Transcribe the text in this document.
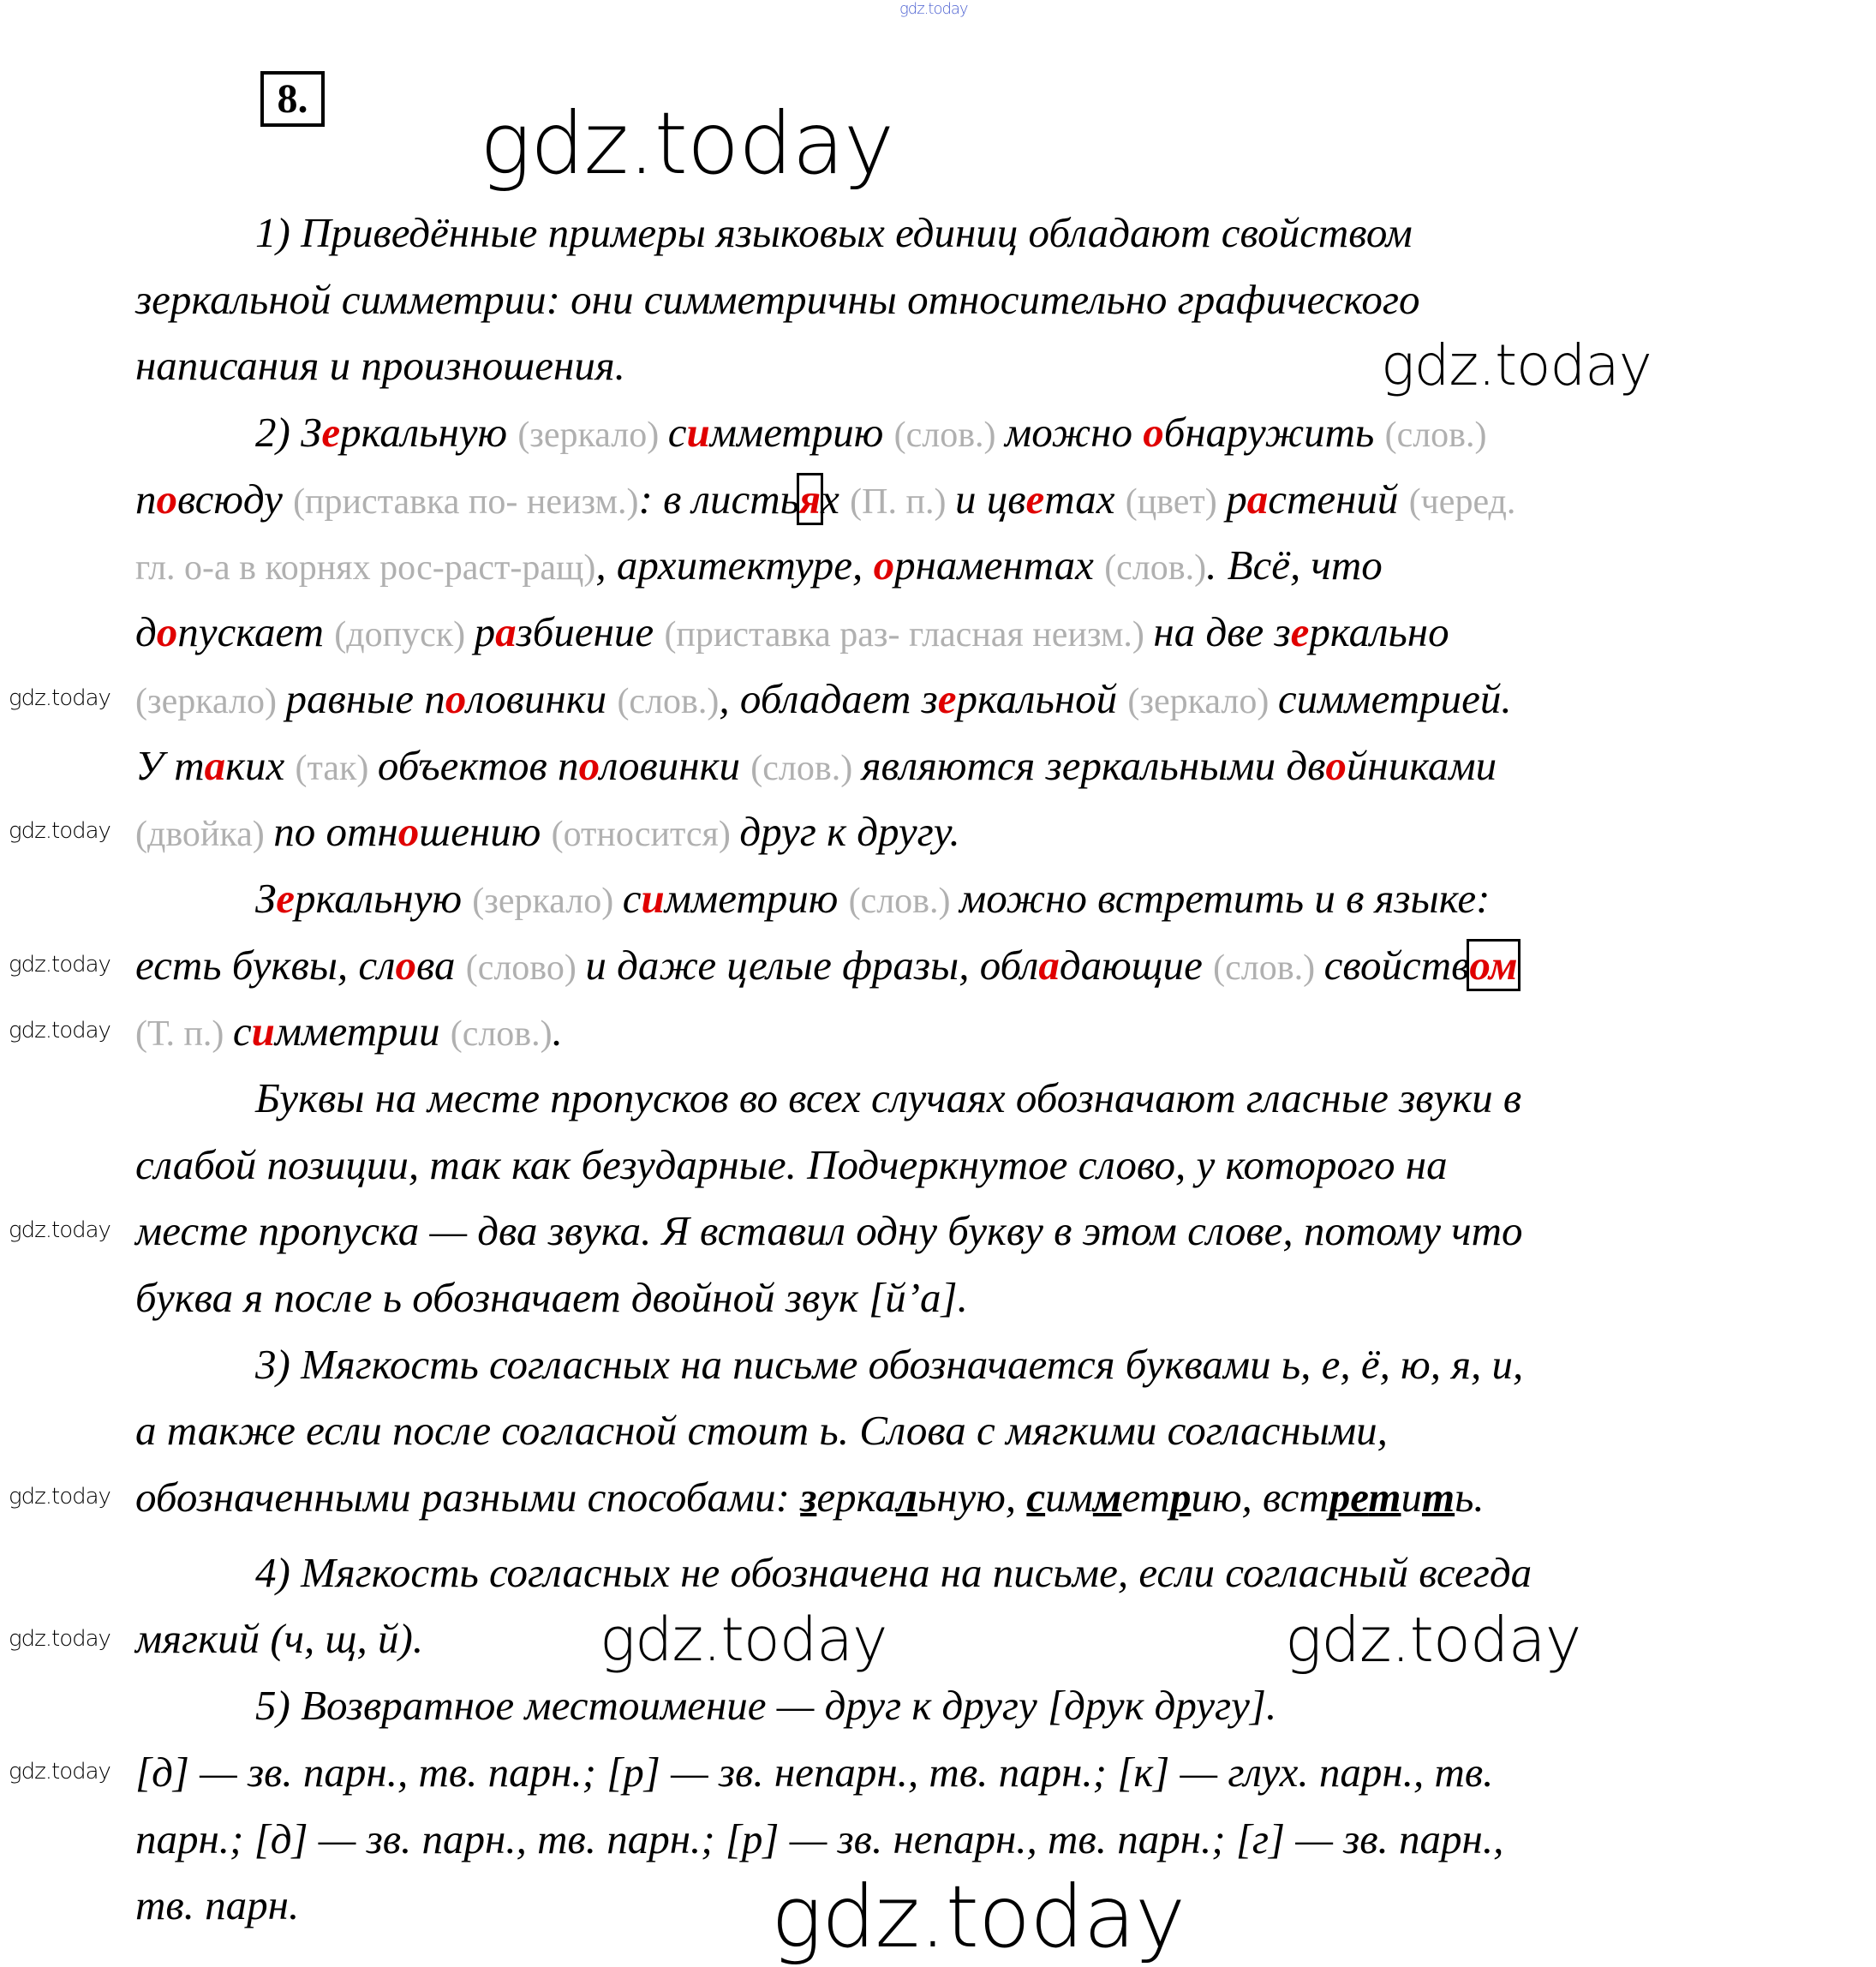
gdz.today
8. gdz.today
gdz.today
1) Приведённые примеры языковых единиц обладают свойством
зеркальной симметрии: они симметричны относительно графического
написания и произношения.
2) Зеркальную (зеркало) симметрию (слов.) можно обнаружить (слов.)
повсюду (приставка по- неизм.): в листьях (П. п.) и цветах (цвет) растений (черед.
гл. о-а в корнях рос-раст-ращ), архитектуре, орнаментах (слов.). Всё, что
допускает (допуск) разбиение (приставка раз- гласная неизм.) на две зеркально
(зеркало) равные половинки (слов.), обладает зеркальной (зеркало) симметрией.
У таких (так) объектов половинки (слов.) являются зеркальными двойниками
(двойка) по отношению (относится) друг к другу.
Зеркальную (зеркало) симметрию (слов.) можно встретить и в языке:
есть буквы, слова (слово) и даже целые фразы, обладающие (слов.) свойством
(Т. п.) симметрии (слов.).
Буквы на месте пропусков во всех случаях обозначают гласные звуки в
слабой позиции, так как безударные. Подчеркнутое слово, у которого на
месте пропуска — два звука. Я вставил одну букву в этом слове, потому что
буква я после ь обозначает двойной звук [й’а].
3) Мягкость согласных на письме обозначается буквами ь, е, ё, ю, я, и,
а также если после согласной стоит ь. Слова с мягкими согласными,
обозначенными разными способами: зеркальную, симметрию, встретить.
4) Мягкость согласных не обозначена на письме, если согласный всегда
мягкий (ч, щ, й).
5) Возвратное местоимение — друг к другу [друк другу].
[д] — зв. парн., тв. парн.; [р] — зв. непарн., тв. парн.; [к] — глух. парн., тв.
парн.; [д] — зв. парн., тв. парн.; [р] — зв. непарн., тв. парн.; [г] — зв. парн.,
тв. парн.	gdz.today
gdz.today	gdz.today
gdz.today
gdz.today
gdz.today
gdz.today
gdz.today
gdz.today
gdz.today
gdz.today
